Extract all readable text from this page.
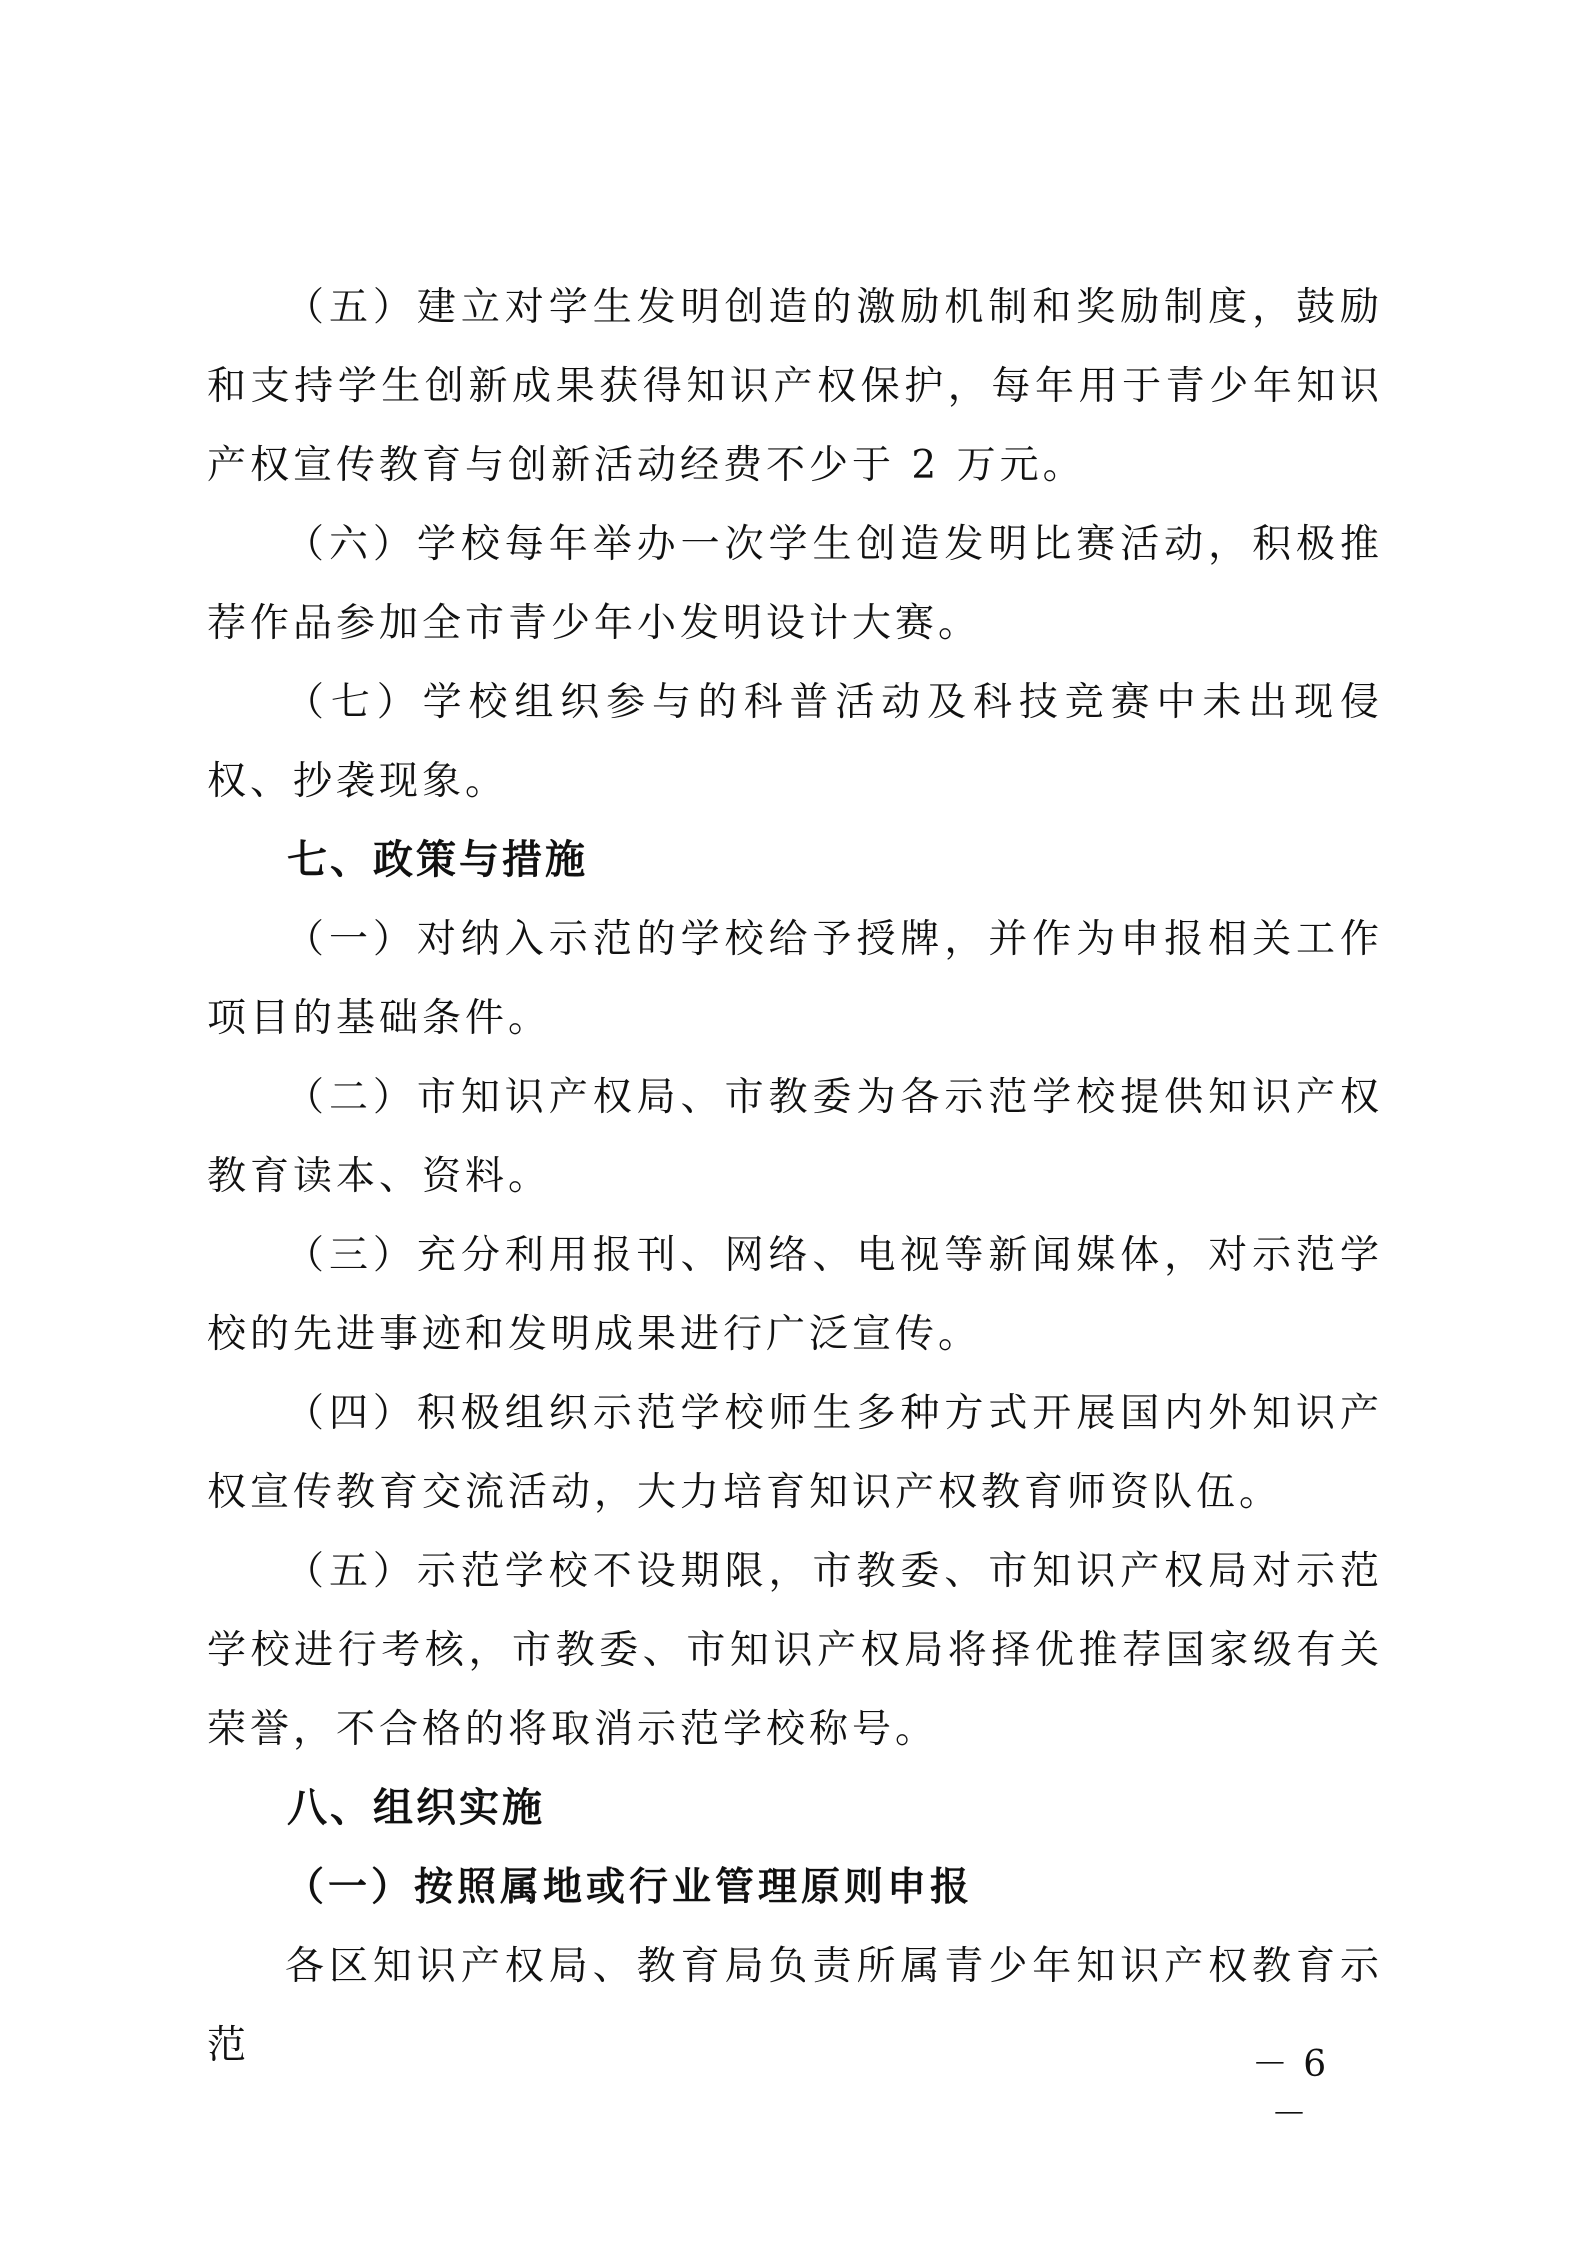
（五）建立对学生发明创造的激励机制和奖励制度，鼓励和支持学生创新成果获得知识产权保护，每年用于青少年知识产权宣传教育与创新活动经费不少于 2 万元。

（六）学校每年举办一次学生创造发明比赛活动，积极推荐作品参加全市青少年小发明设计大赛。

（七）学校组织参与的科普活动及科技竞赛中未出现侵权、抄袭现象。

七、政策与措施

（一）对纳入示范的学校给予授牌，并作为申报相关工作项目的基础条件。

（二）市知识产权局、市教委为各示范学校提供知识产权教育读本、资料。

（三）充分利用报刊、网络、电视等新闻媒体，对示范学校的先进事迹和发明成果进行广泛宣传。

（四）积极组织示范学校师生多种方式开展国内外知识产权宣传教育交流活动，大力培育知识产权教育师资队伍。

（五）示范学校不设期限，市教委、市知识产权局对示范学校进行考核，市教委、市知识产权局将择优推荐国家级有关荣誉，不合格的将取消示范学校称号。

八、组织实施

（一）按照属地或行业管理原则申报

各区知识产权局、教育局负责所属青少年知识产权教育示范	－ 6 －
